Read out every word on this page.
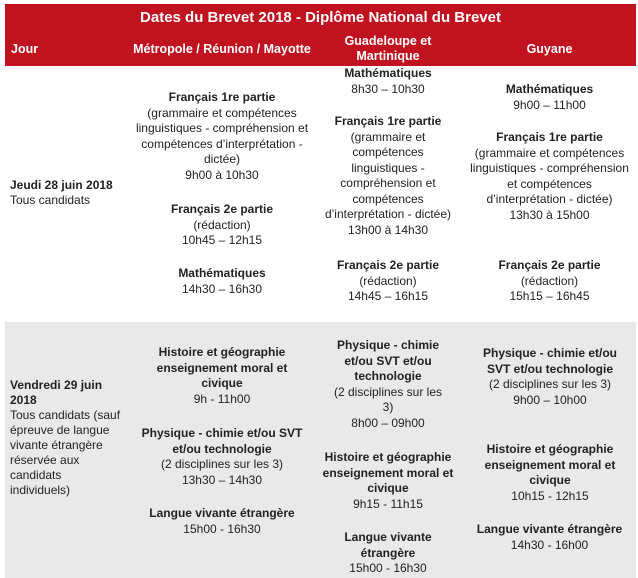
Dates du Brevet 2018 - Diplôme National du Brevet
Jour	Métropole / Réunion / Mayotte
Guadeloupe et Martinique
Guyane
Jeudi 28 juin 2018
Tous candidats
Français 1re partie
(grammaire et compétences linguistiques - compréhension et compétences d’interprétation - dictée)
9h00 à 10h30
Français 2e partie
(rédaction)
10h45 – 12h15
Mathématiques
14h30 – 16h30
Mathématiques
8h30 – 10h30
Français 1re partie
(grammaire et compétences linguistiques - compréhension et compétences d’interprétation - dictée)
13h00 à 14h30
Français 2e partie
(rédaction)
14h45 – 16h15
Mathématiques
9h00 – 11h00
Français 1re partie
(grammaire et compétences linguistiques - compréhension et compétences d’interprétation - dictée)
13h30 à 15h00
Français 2e partie
(rédaction)
15h15 – 16h45
Vendredi 29 juin 2018
Tous candidats (sauf épreuve de langue vivante étrangère réservée aux candidats individuels)
Histoire et géographie enseignement moral et civique
9h - 11h00
Physique - chimie et/ou SVT et/ou technologie
(2 disciplines sur les 3)
13h30 – 14h30
Langue vivante étrangère
15h00 - 16h30
Physique - chimie et/ou SVT et/ou technologie
(2 disciplines sur les 3)
8h00 – 09h00
Histoire et géographie enseignement moral et civique
9h15 - 11h15
Langue vivante étrangère
15h00 - 16h30
Physique - chimie et/ou SVT et/ou technologie
(2 disciplines sur les 3)
9h00 – 10h00
Histoire et géographie enseignement moral et civique
10h15 - 12h15
Langue vivante étrangère
14h30 - 16h00
